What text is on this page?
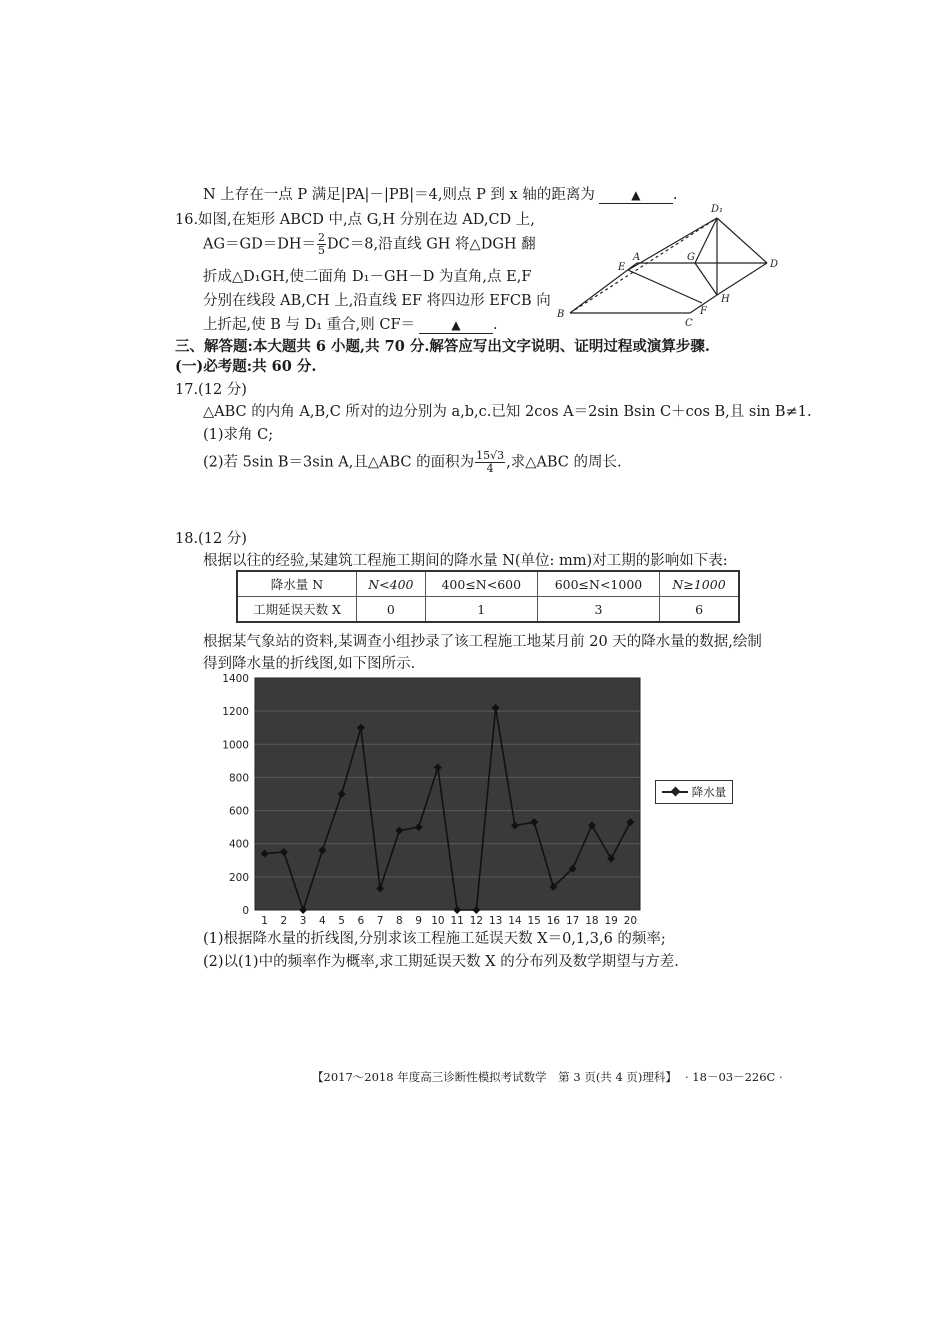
N 上存在一点 P 满足|PA|－|PB|＝4,则点 P 到 x 轴的距离为	▲ .
16.如图,在矩形 ABCD 中,点 G,H 分别在边 AD,CD 上,
$AG=GD=DH= \frac{2}{5} DC=8$,沿直线 GH 将△DGH 翻
折成△D₁GH,使二面角 D₁－GH－D 为直角,点 E,F
分别在线段 AB,CH 上,沿直线 EF 将四边形 EFCB 向
上折起,使 B 与 D₁ 重合,则 CF＝	▲ .
D₁
A	G
D
E
H
F
B
C
三、解答题:本大题共 6 小题,共 70 分.解答应写出文字说明、证明过程或演算步骤.
(一)必考题:共 60 分.
17.(12 分)
△ABC 的内角 A,B,C 所对的边分别为 a,b,c.已知 2cos A＝2sin Bsin C＋cos B,且 sin B≠1.
(1)求角 C;
(2)若 5sin B＝3sin A,且△ABC 的面积为 $\frac{15√3}{4}$ ,求△ABC 的周长.
18.(12 分)
根据以往的经验,某建筑工程施工期间的降水量 N(单位: mm)对工期的影响如下表:
降水量 N	N<400	400≤N<600	600≤N<1000	N≥1000
工期延误天数 X	0	1	3	6
根据某气象站的资料,某调查小组抄录了该工程施工地某月前 20 天的降水量的数据,绘制
得到降水量的折线图,如下图所示.
0
200
400
600
800
1000
1200
1400
1 2 3 4 5 6 7 8 9 10 11 12 13 14 15 16 17 18 19 20
降水量
(1)根据降水量的折线图,分别求该工程施工延误天数 X＝0,1,3,6 的频率;
(2)以(1)中的频率作为概率,求工期延误天数 X 的分布列及数学期望与方差.
【2017～2018 年度高三诊断性模拟考试数学　第 3 页(共 4 页)理科】 · 18－03－226C ·
